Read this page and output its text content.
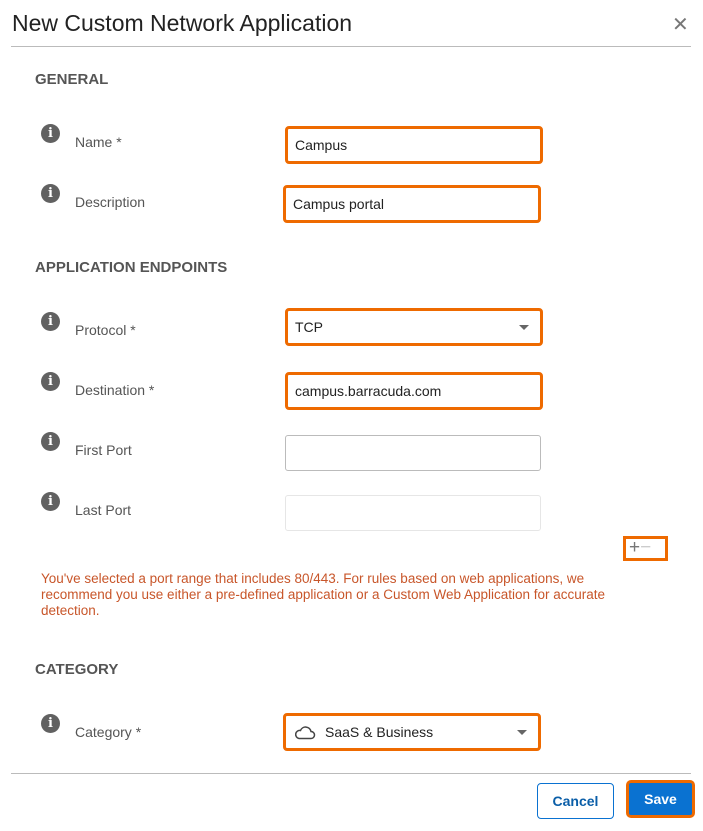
New Custom Network Application	✕
GENERAL
i
Name *	Campus
i
Description	Campus portal
APPLICATION ENDPOINTS
i
Protocol *	TCP
i
Destination *	campus.barracuda.com
i
First Port
i
Last Port
+−
You've selected a port range that includes 80/443. For rules based on web applications, we recommend you use either a pre-defined application or a Custom Web Application for accurate detection.
CATEGORY
i
Category *	SaaS & Business
Cancel	Save
